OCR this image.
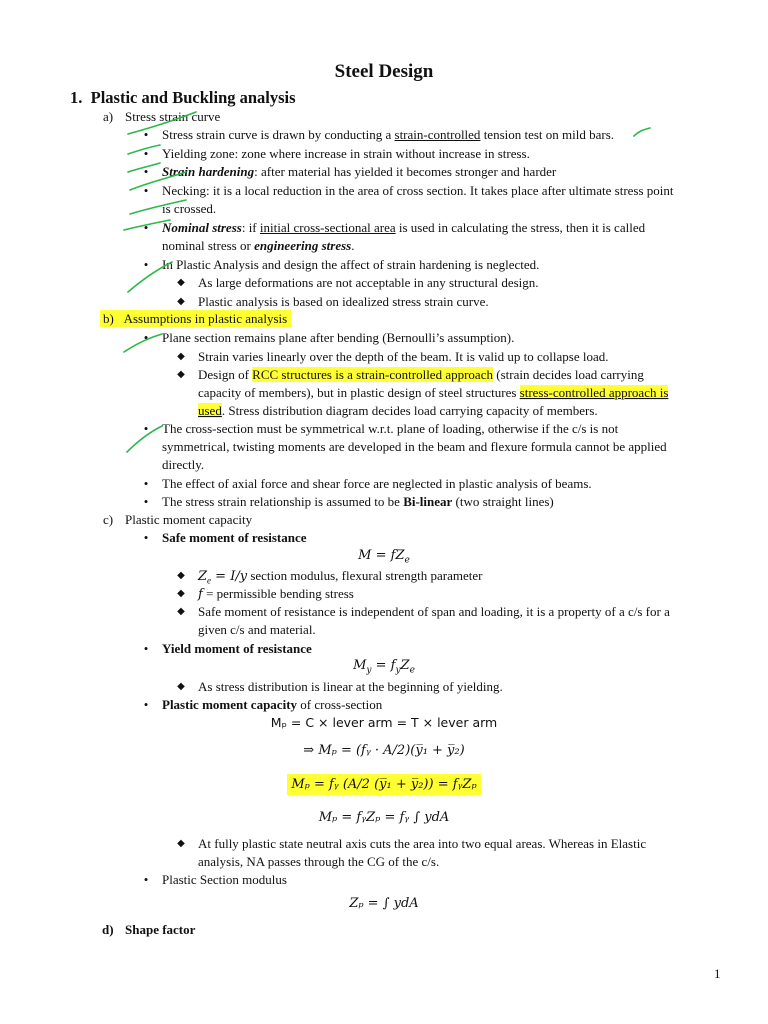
Steel Design
1.  Plastic and Buckling analysis
a) Stress strain curve
• Stress strain curve is drawn by conducting a strain-controlled tension test on mild bars.
• Yielding zone: zone where increase in strain without increase in stress.
• Strain hardening: after material has yielded it becomes stronger and harder
• Necking: it is a local reduction in the area of cross section. It takes place after ultimate stress point
is crossed.
• Nominal stress: if initial cross-sectional area is used in calculating the stress, then it is called
nominal stress or engineering stress.
• In Plastic Analysis and design the affect of strain hardening is neglected.
◆ As large deformations are not acceptable in any structural design.
◆ Plastic analysis is based on idealized stress strain curve.
b) Assumptions in plastic analysis
• Plane section remains plane after bending (Bernoulli’s assumption).
◆ Strain varies linearly over the depth of the beam. It is valid up to collapse load.
◆ Design of RCC structures is a strain-controlled approach (strain decides load carrying
capacity of members), but in plastic design of steel structures stress-controlled approach is
used. Stress distribution diagram decides load carrying capacity of members.
• The cross-section must be symmetrical w.r.t. plane of loading, otherwise if the c/s is not
symmetrical, twisting moments are developed in the beam and flexure formula cannot be applied
directly.
• The effect of axial force and shear force are neglected in plastic analysis of beams.
• The stress strain relationship is assumed to be Bi-linear (two straight lines)
c) Plastic moment capacity
• Safe moment of resistance
$M = fZ_e$
◆ $Z_e = I/y$ section modulus, flexural strength parameter
◆ f = permissible bending stress
◆ Safe moment of resistance is independent of span and loading, it is a property of a c/s for a
given c/s and material.
• Yield moment of resistance
$M_y = f_yZ_e$
◆ As stress distribution is linear at the beginning of yielding.
• Plastic moment capacity of cross-section
Mₚ = C × lever arm = T × lever arm
⇒ Mₚ = (fᵧ · A/2)(y̅₁ + y̅₂)
Mₚ = fᵧ (A/2 (y̅₁ + y̅₂)) = fᵧZₚ
Mₚ = fᵧZₚ = fᵧ ∫ ydA
◆ At fully plastic state neutral axis cuts the area into two equal areas. Whereas in Elastic
analysis, NA passes through the CG of the c/s.
• Plastic Section modulus
Zₚ = ∫ ydA
d) Shape factor
1
